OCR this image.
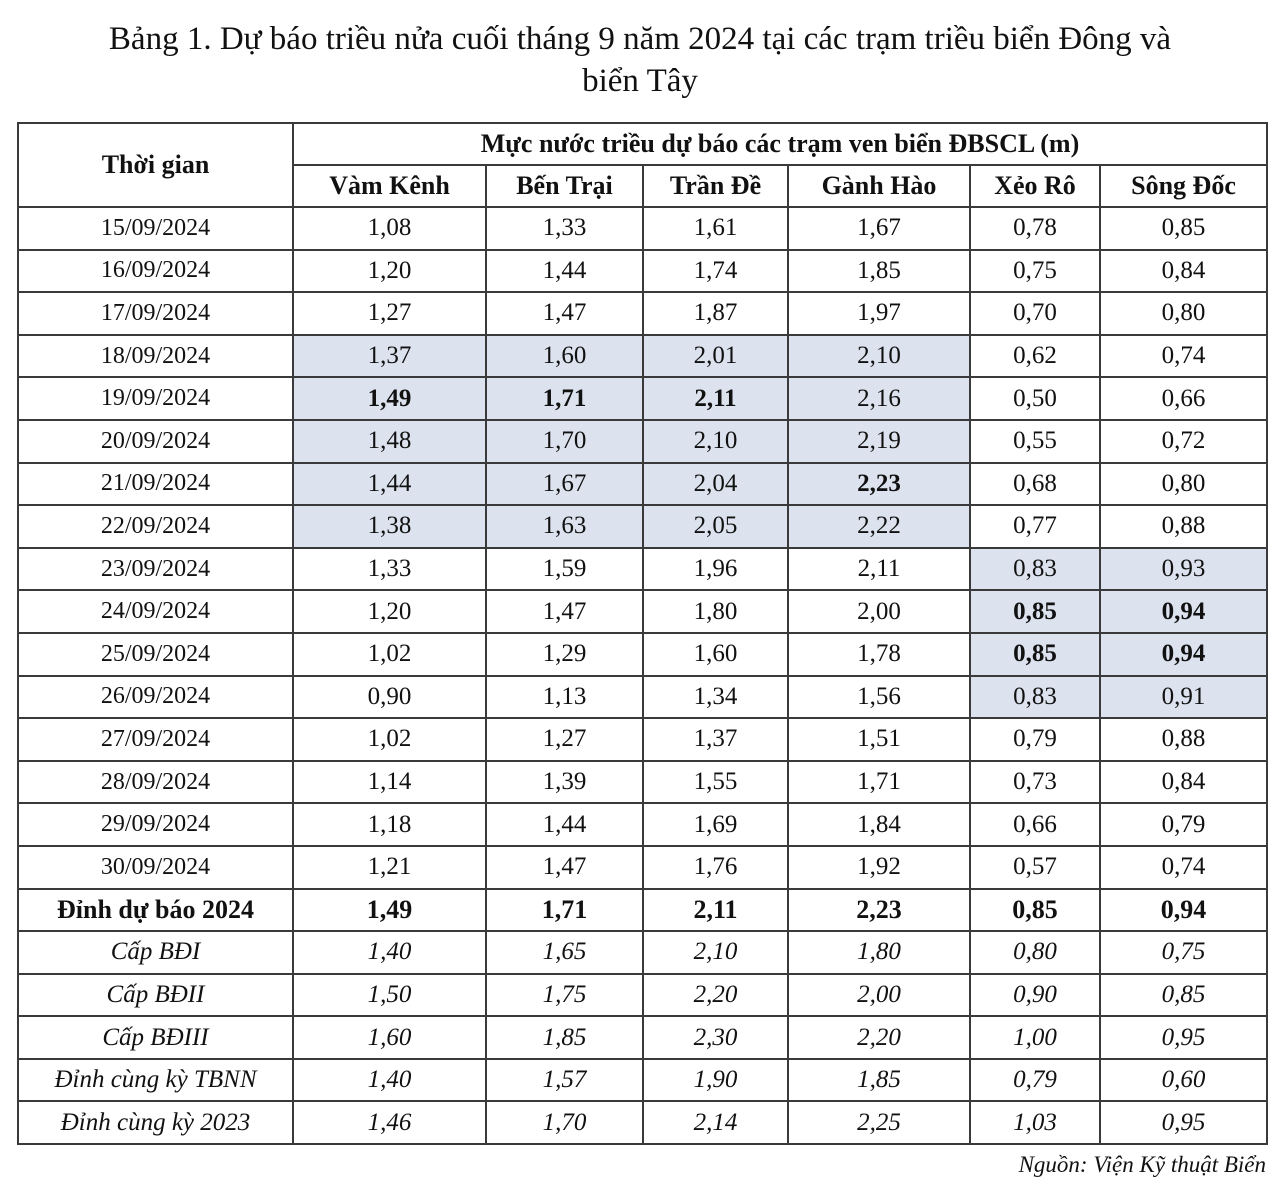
Bảng 1. Dự báo triều nửa cuối tháng 9 năm 2024 tại các trạm triều biển Đông và
biển Tây
Thời gian	Mực nước triều dự báo các trạm ven biển ĐBSCL (m)					
	Vàm Kênh	Bến Trại	Trần Đề	Gành Hào	Xẻo Rô	Sông Đốc
15/09/2024	1,08	1,33	1,61	1,67	0,78	0,85
16/09/2024	1,20	1,44	1,74	1,85	0,75	0,84
17/09/2024	1,27	1,47	1,87	1,97	0,70	0,80
18/09/2024	1,37	1,60	2,01	2,10	0,62	0,74
19/09/2024	1,49	1,71	2,11	2,16	0,50	0,66
20/09/2024	1,48	1,70	2,10	2,19	0,55	0,72
21/09/2024	1,44	1,67	2,04	2,23	0,68	0,80
22/09/2024	1,38	1,63	2,05	2,22	0,77	0,88
23/09/2024	1,33	1,59	1,96	2,11	0,83	0,93
24/09/2024	1,20	1,47	1,80	2,00	0,85	0,94
25/09/2024	1,02	1,29	1,60	1,78	0,85	0,94
26/09/2024	0,90	1,13	1,34	1,56	0,83	0,91
27/09/2024	1,02	1,27	1,37	1,51	0,79	0,88
28/09/2024	1,14	1,39	1,55	1,71	0,73	0,84
29/09/2024	1,18	1,44	1,69	1,84	0,66	0,79
30/09/2024	1,21	1,47	1,76	1,92	0,57	0,74
Đỉnh dự báo 2024	1,49	1,71	2,11	2,23	0,85	0,94
Cấp BĐI	1,40	1,65	2,10	1,80	0,80	0,75
Cấp BĐII	1,50	1,75	2,20	2,00	0,90	0,85
Cấp BĐIII	1,60	1,85	2,30	2,20	1,00	0,95
Đỉnh cùng kỳ TBNN	1,40	1,57	1,90	1,85	0,79	0,60
Đỉnh cùng kỳ 2023	1,46	1,70	2,14	2,25	1,03	0,95
Nguồn: Viện Kỹ thuật Biển
